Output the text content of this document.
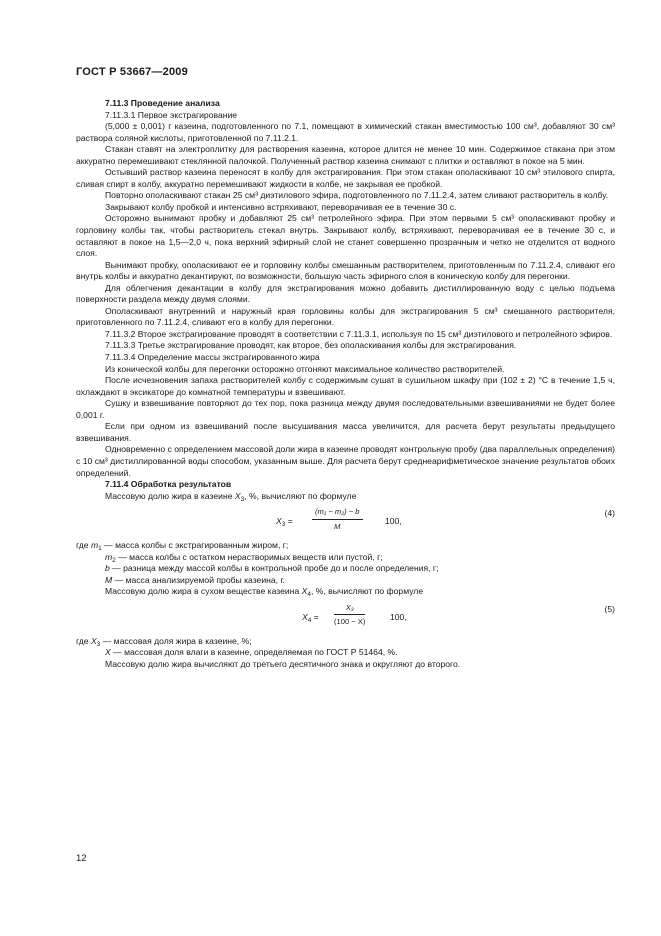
ГОСТ Р 53667—2009

7.11.3 Проведение анализа

7.11.3.1 Первое экстрагирование

(5,000 ± 0,001) г казеина, подготовленного по 7.1, помещают в химический стакан вместимостью 100 см³, добавляют 30 см³ раствора соляной кислоты, приготовленной по 7.11.2.1.

Стакан ставят на электроплитку для растворения казеина, которое длится не менее 10 мин. Содержимое стакана при этом аккуратно перемешивают стеклянной палочкой. Полученный раствор казеина снимают с плитки и оставляют в покое на 5 мин.

Остывший раствор казеина переносят в колбу для экстрагирования. При этом стакан ополаскивают 10 см³ этилового спирта, сливая спирт в колбу, аккуратно перемешивают жидкости в колбе, не закрывая ее пробкой.

Повторно ополаскивают стакан 25 см³ диэтилового эфира, подготовленного по 7.11.2.4, затем сливают растворитель в колбу.

Закрывают колбу пробкой и интенсивно встряхивают, переворачивая ее в течение 30 с.

Осторожно вынимают пробку и добавляют 25 см³ петролейного эфира. При этом первыми 5 см³ ополаскивают пробку и горловину колбы так, чтобы растворитель стекал внутрь. Закрывают колбу, встряхивают, переворачивая ее в течение 30 с, и оставляют в покое на 1,5—2,0 ч, пока верхний эфирный слой не станет совершенно прозрачным и четко не отделится от водного слоя.

Вынимают пробку, ополаскивают ее и горловину колбы смешанным растворителем, приготовленным по 7.11.2.4, сливают его внутрь колбы и аккуратно декантируют, по возможности, большую часть эфирного слоя в коническую колбу для перегонки.

Для облегчения декантации в колбу для экстрагирования можно добавить дистиллированную воду с целью подъема поверхности раздела между двумя слоями.

Ополаскивают внутренний и наружный края горловины колбы для экстрагирования 5 см³ смешанного растворителя, приготовленного по 7.11.2.4, сливают его в колбу для перегонки.

7.11.3.2 Второе экстрагирование проводят в соответствии с 7.11.3.1, используя по 15 см³ диэтилового и петролейного эфиров.

7.11.3.3 Третье экстрагирование проводят, как второе, без ополаскивания колбы для экстрагирования.

7.11.3.4 Определение массы экстрагированного жира

Из конической колбы для перегонки осторожно отгоняют максимальное количество растворителей.

После исчезновения запаха растворителей колбу с содержимым сушат в сушильном шкафу при (102 ± 2) °С в течение 1,5 ч, охлаждают в эксикаторе до комнатной температуры и взвешивают.

Сушку и взвешивание повторяют до тех пор, пока разница между двумя последовательными взвешиваниями не будет более 0,001 г.

Если при одном из взвешиваний после высушивания масса увеличится, для расчета берут результаты предыдущего взвешивания.

Одновременно с определением массовой доли жира в казеине проводят контрольную пробу (два параллельных определения) с 10 см³ дистиллированной воды способом, указанным выше. Для расчета берут среднеарифметическое значение результатов обоих определений.

7.11.4 Обработка результатов

Массовую долю жира в казеине $X_3$, %, вычисляют по формуле

$X_3$ =	$\frac{\text{(m₁ − m₂) − b}}{M}$	100,
(4)

где $m_1$ — масса колбы с экстрагированным жиром, г;

$m_2$ — масса колбы с остатком нерастворимых веществ или пустой, г;

b — разница между массой колбы в контрольной пробе до и после определения, г;

M — масса анализируемой пробы казеина, г.

Массовую долю жира в сухом веществе казеина $X_4$, %, вычисляют по формуле

$X_4 = \frac{\text{X₃}}{(100 - X)}$	100,
(5)

где $X_3$ — массовая доля жира в казеине, %;

X — массовая доля влаги в казеине, определяемая по ГОСТ Р 51464, %.

Массовую долю жира вычисляют до третьего десятичного знака и округляют до второго.

12
